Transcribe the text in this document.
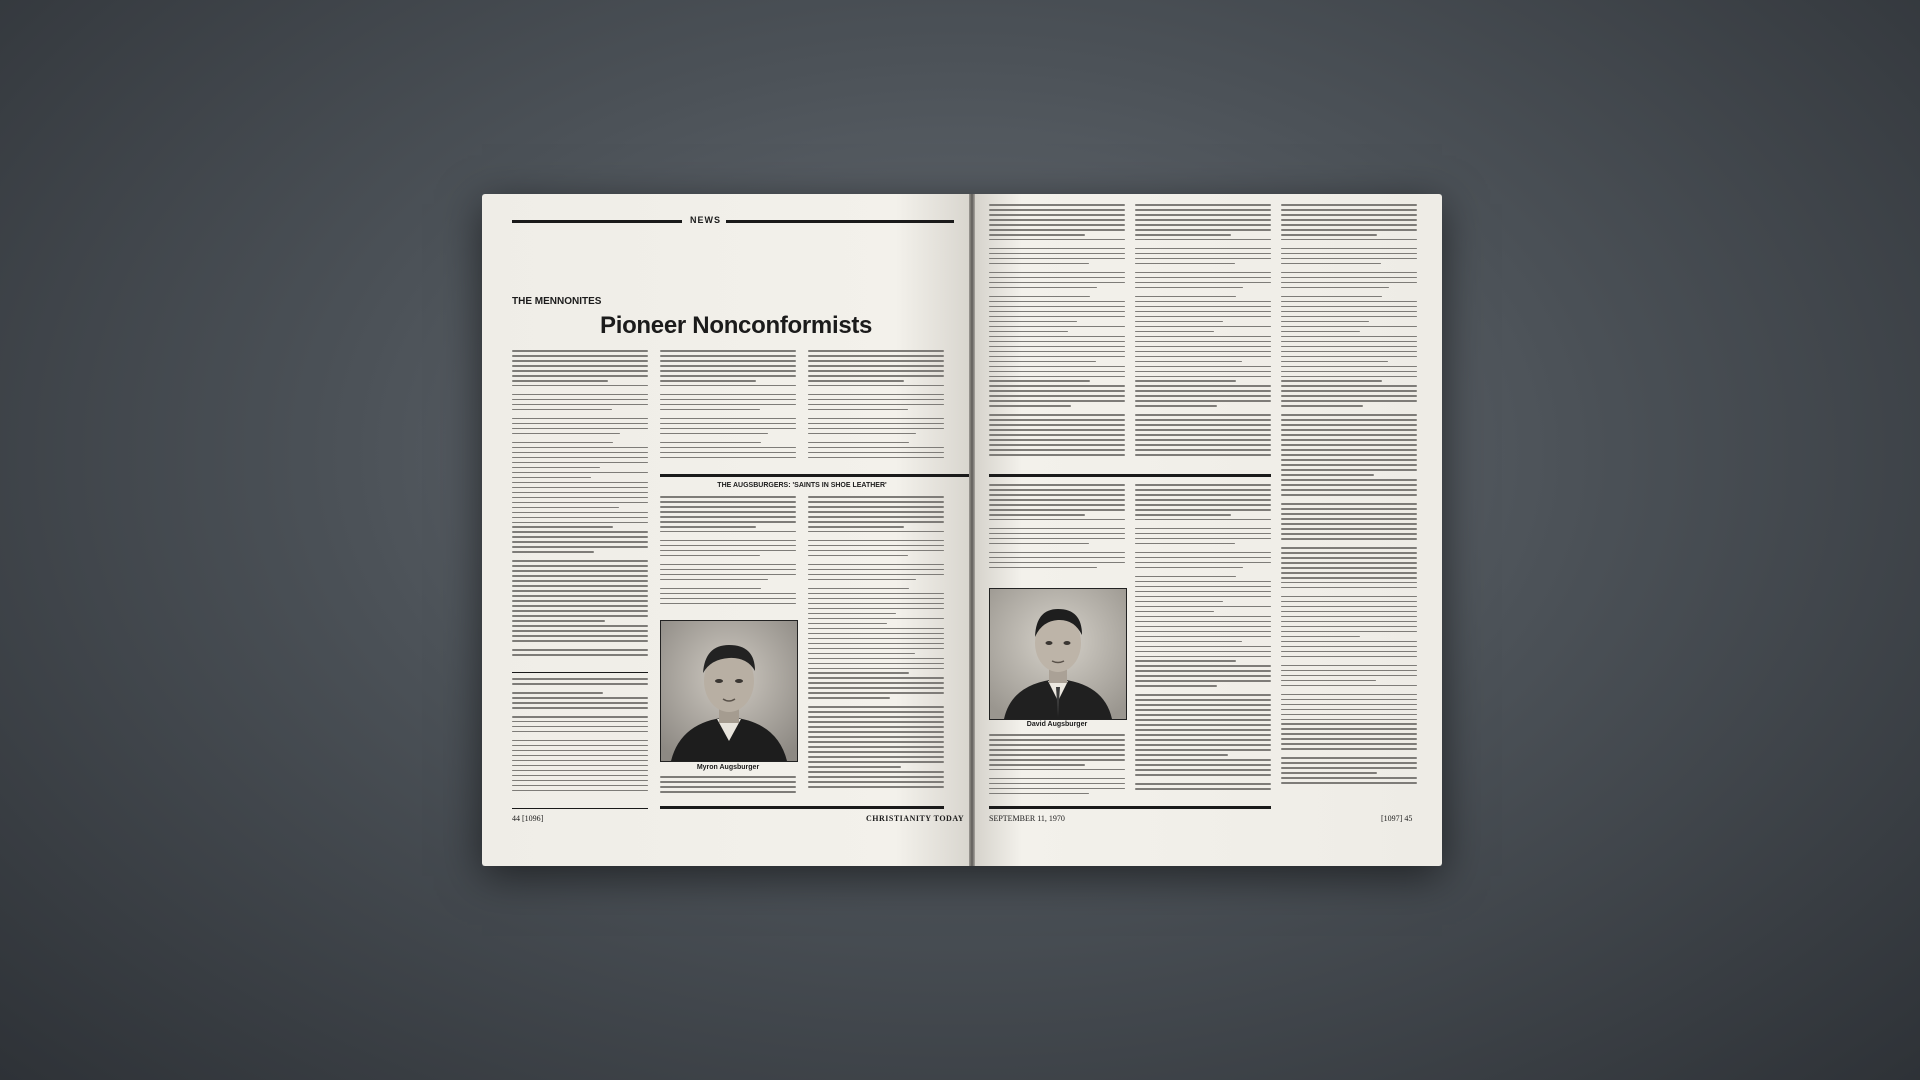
NEWS
THE MENNONITES
Pioneer Nonconformists
THE AUGSBURGERS: 'SAINTS IN SHOE LEATHER'
Myron Augsburger
44 [1096]	CHRISTIANITY TODAY
David Augsburger
SEPTEMBER 11, 1970	[1097] 45
